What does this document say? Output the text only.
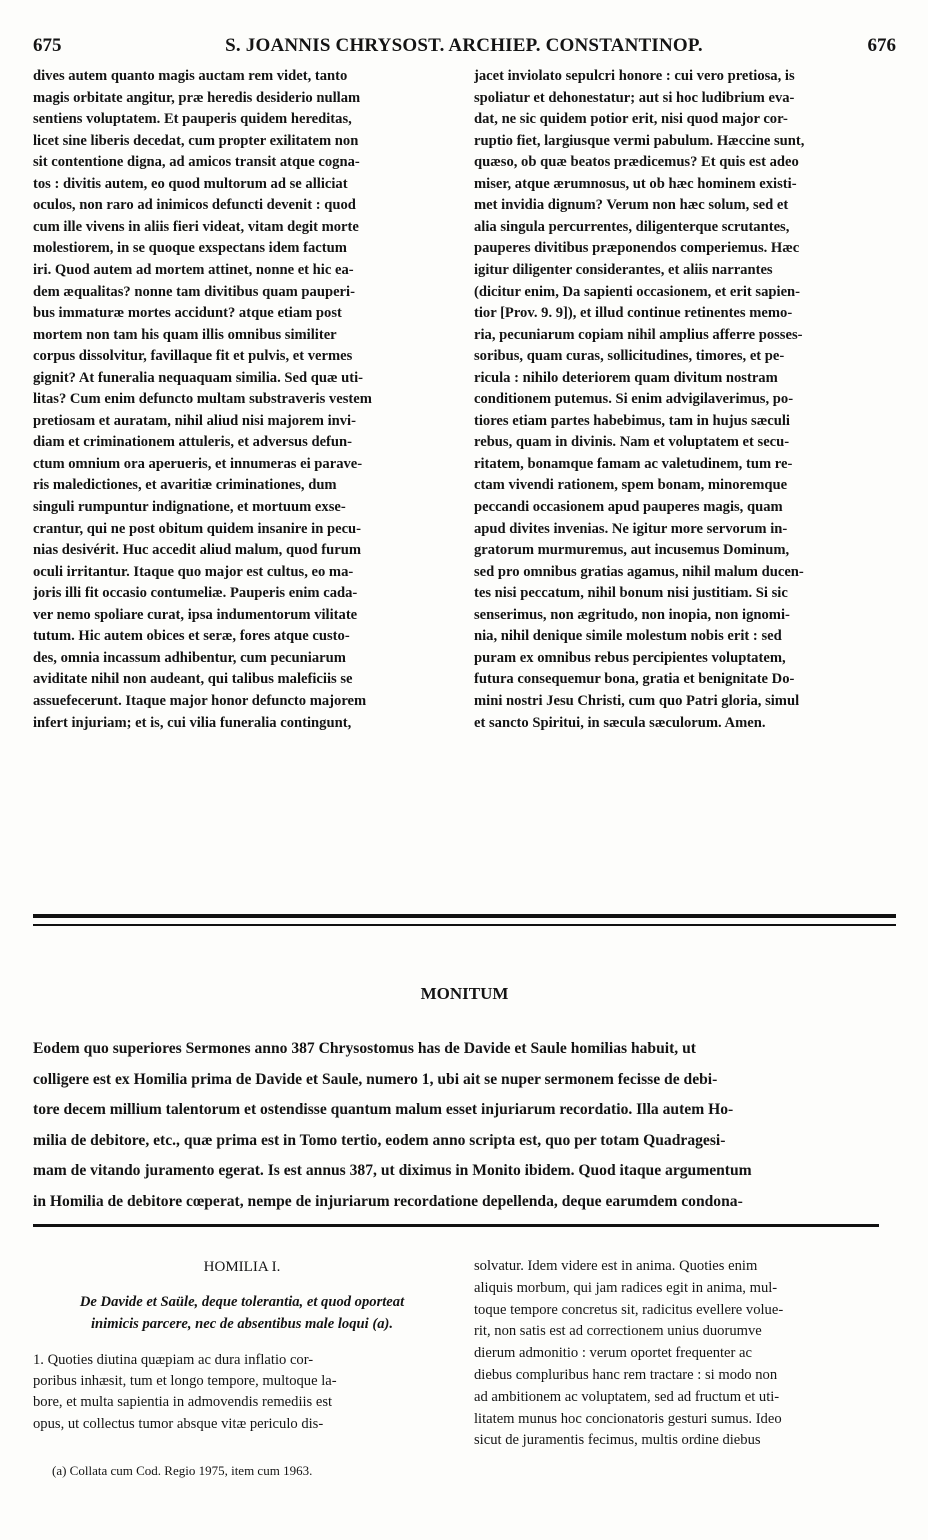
675	S. JOANNIS CHRYSOST. ARCHIEP. CONSTANTINOP.	676
dives autem quanto magis auctam rem videt, tanto
magis orbitate angitur, præ heredis desiderio nullam
sentiens voluptatem. Et pauperis quidem hereditas,
licet sine liberis decedat, cum propter exilitatem non
sit contentione digna, ad amicos transit atque cogna-
tos : divitis autem, eo quod multorum ad se alliciat
oculos, non raro ad inimicos defuncti devenit : quod
cum ille vivens in aliis fieri videat, vitam degit morte
molestiorem, in se quoque exspectans idem factum
iri. Quod autem ad mortem attinet, nonne et hic ea-
dem æqualitas? nonne tam divitibus quam pauperi-
bus immaturæ mortes accidunt? atque etiam post
mortem non tam his quam illis omnibus similiter
corpus dissolvitur, favillaque fit et pulvis, et vermes
gignit? At funeralia nequaquam similia. Sed quæ uti-
litas? Cum enim defuncto multam substraveris vestem
pretiosam et auratam, nihil aliud nisi majorem invi-
diam et criminationem attuleris, et adversus defun-
ctum omnium ora aperueris, et innumeras ei parave-
ris maledictiones, et avaritiæ criminationes, dum
singuli rumpuntur indignatione, et mortuum exse-
crantur, qui ne post obitum quidem insanire in pecu-
nias desivérit. Huc accedit aliud malum, quod furum
oculi irritantur. Itaque quo major est cultus, eo ma-
joris illi fit occasio contumeliæ. Pauperis enim cada-
ver nemo spoliare curat, ipsa indumentorum vilitate
tutum. Hic autem obices et seræ, fores atque custo-
des, omnia incassum adhibentur, cum pecuniarum
aviditate nihil non audeant, qui talibus maleficiis se
assuefecerunt. Itaque major honor defuncto majorem
infert injuriam; et is, cui vilia funeralia contingunt,
jacet inviolato sepulcri honore : cui vero pretiosa, is
spoliatur et dehonestatur; aut si hoc ludibrium eva-
dat, ne sic quidem potior erit, nisi quod major cor-
ruptio fiet, largiusque vermi pabulum. Hæccine sunt,
quæso, ob quæ beatos prædicemus? Et quis est adeo
miser, atque ærumnosus, ut ob hæc hominem existi-
met invidia dignum? Verum non hæc solum, sed et
alia singula percurrentes, diligenterque scrutantes,
pauperes divitibus præponendos comperiemus. Hæc
igitur diligenter considerantes, et aliis narrantes
(dicitur enim, Da sapienti occasionem, et erit sapien-
tior [Prov. 9. 9]), et illud continue retinentes memo-
ria, pecuniarum copiam nihil amplius afferre posses-
soribus, quam curas, sollicitudines, timores, et pe-
ricula : nihilo deteriorem quam divitum nostram
conditionem putemus. Si enim advigilaverimus, po-
tiores etiam partes habebimus, tam in hujus sæculi
rebus, quam in divinis. Nam et voluptatem et secu-
ritatem, bonamque famam ac valetudinem, tum re-
ctam vivendi rationem, spem bonam, minoremque
peccandi occasionem apud pauperes magis, quam
apud divites invenias. Ne igitur more servorum in-
gratorum murmuremus, aut incusemus Dominum,
sed pro omnibus gratias agamus, nihil malum ducen-
tes nisi peccatum, nihil bonum nisi justitiam. Si sic
senserimus, non ægritudo, non inopia, non ignomi-
nia, nihil denique simile molestum nobis erit : sed
puram ex omnibus rebus percipientes voluptatem,
futura consequemur bona, gratia et benignitate Do-
mini nostri Jesu Christi, cum quo Patri gloria, simul
et sancto Spiritui, in sæcula sæculorum. Amen.
MONITUM
Eodem quo superiores Sermones anno 387 Chrysostomus has de Davide et Saule homilias habuit, ut
colligere est ex Homilia prima de Davide et Saule, numero 1, ubi ait se nuper sermonem fecisse de debi-
tore decem millium talentorum et ostendisse quantum malum esset injuriarum recordatio. Illa autem Ho-
milia de debitore, etc., quæ prima est in Tomo tertio, eodem anno scripta est, quo per totam Quadragesi-
mam de vitando juramento egerat. Is est annus 387, ut diximus in Monito ibidem. Quod itaque argumentum
in Homilia de debitore cœperat, nempe de injuriarum recordatione depellenda, deque earumdem condona-
HOMILIA I.
De Davide et Saüle, deque tolerantia, et quod oporteat
inimicis parcere, nec de absentibus male loqui (a).
1. Quoties diutina quæpiam ac dura inflatio cor-
poribus inhæsit, tum et longo tempore, multoque la-
bore, et multa sapientia in admovendis remediis est
opus, ut collectus tumor absque vitæ periculo dis-
(a) Collata cum Cod. Regio 1975, item cum 1963.
solvatur. Idem videre est in anima. Quoties enim
aliquis morbum, qui jam radices egit in anima, mul-
toque tempore concretus sit, radicitus evellere volue-
rit, non satis est ad correctionem unius duorumve
dierum admonitio : verum oportet frequenter ac
diebus compluribus hanc rem tractare : si modo non
ad ambitionem ac voluptatem, sed ad fructum et uti-
litatem munus hoc concionatoris gesturi sumus. Ideo
sicut de juramentis fecimus, multis ordine diebus
